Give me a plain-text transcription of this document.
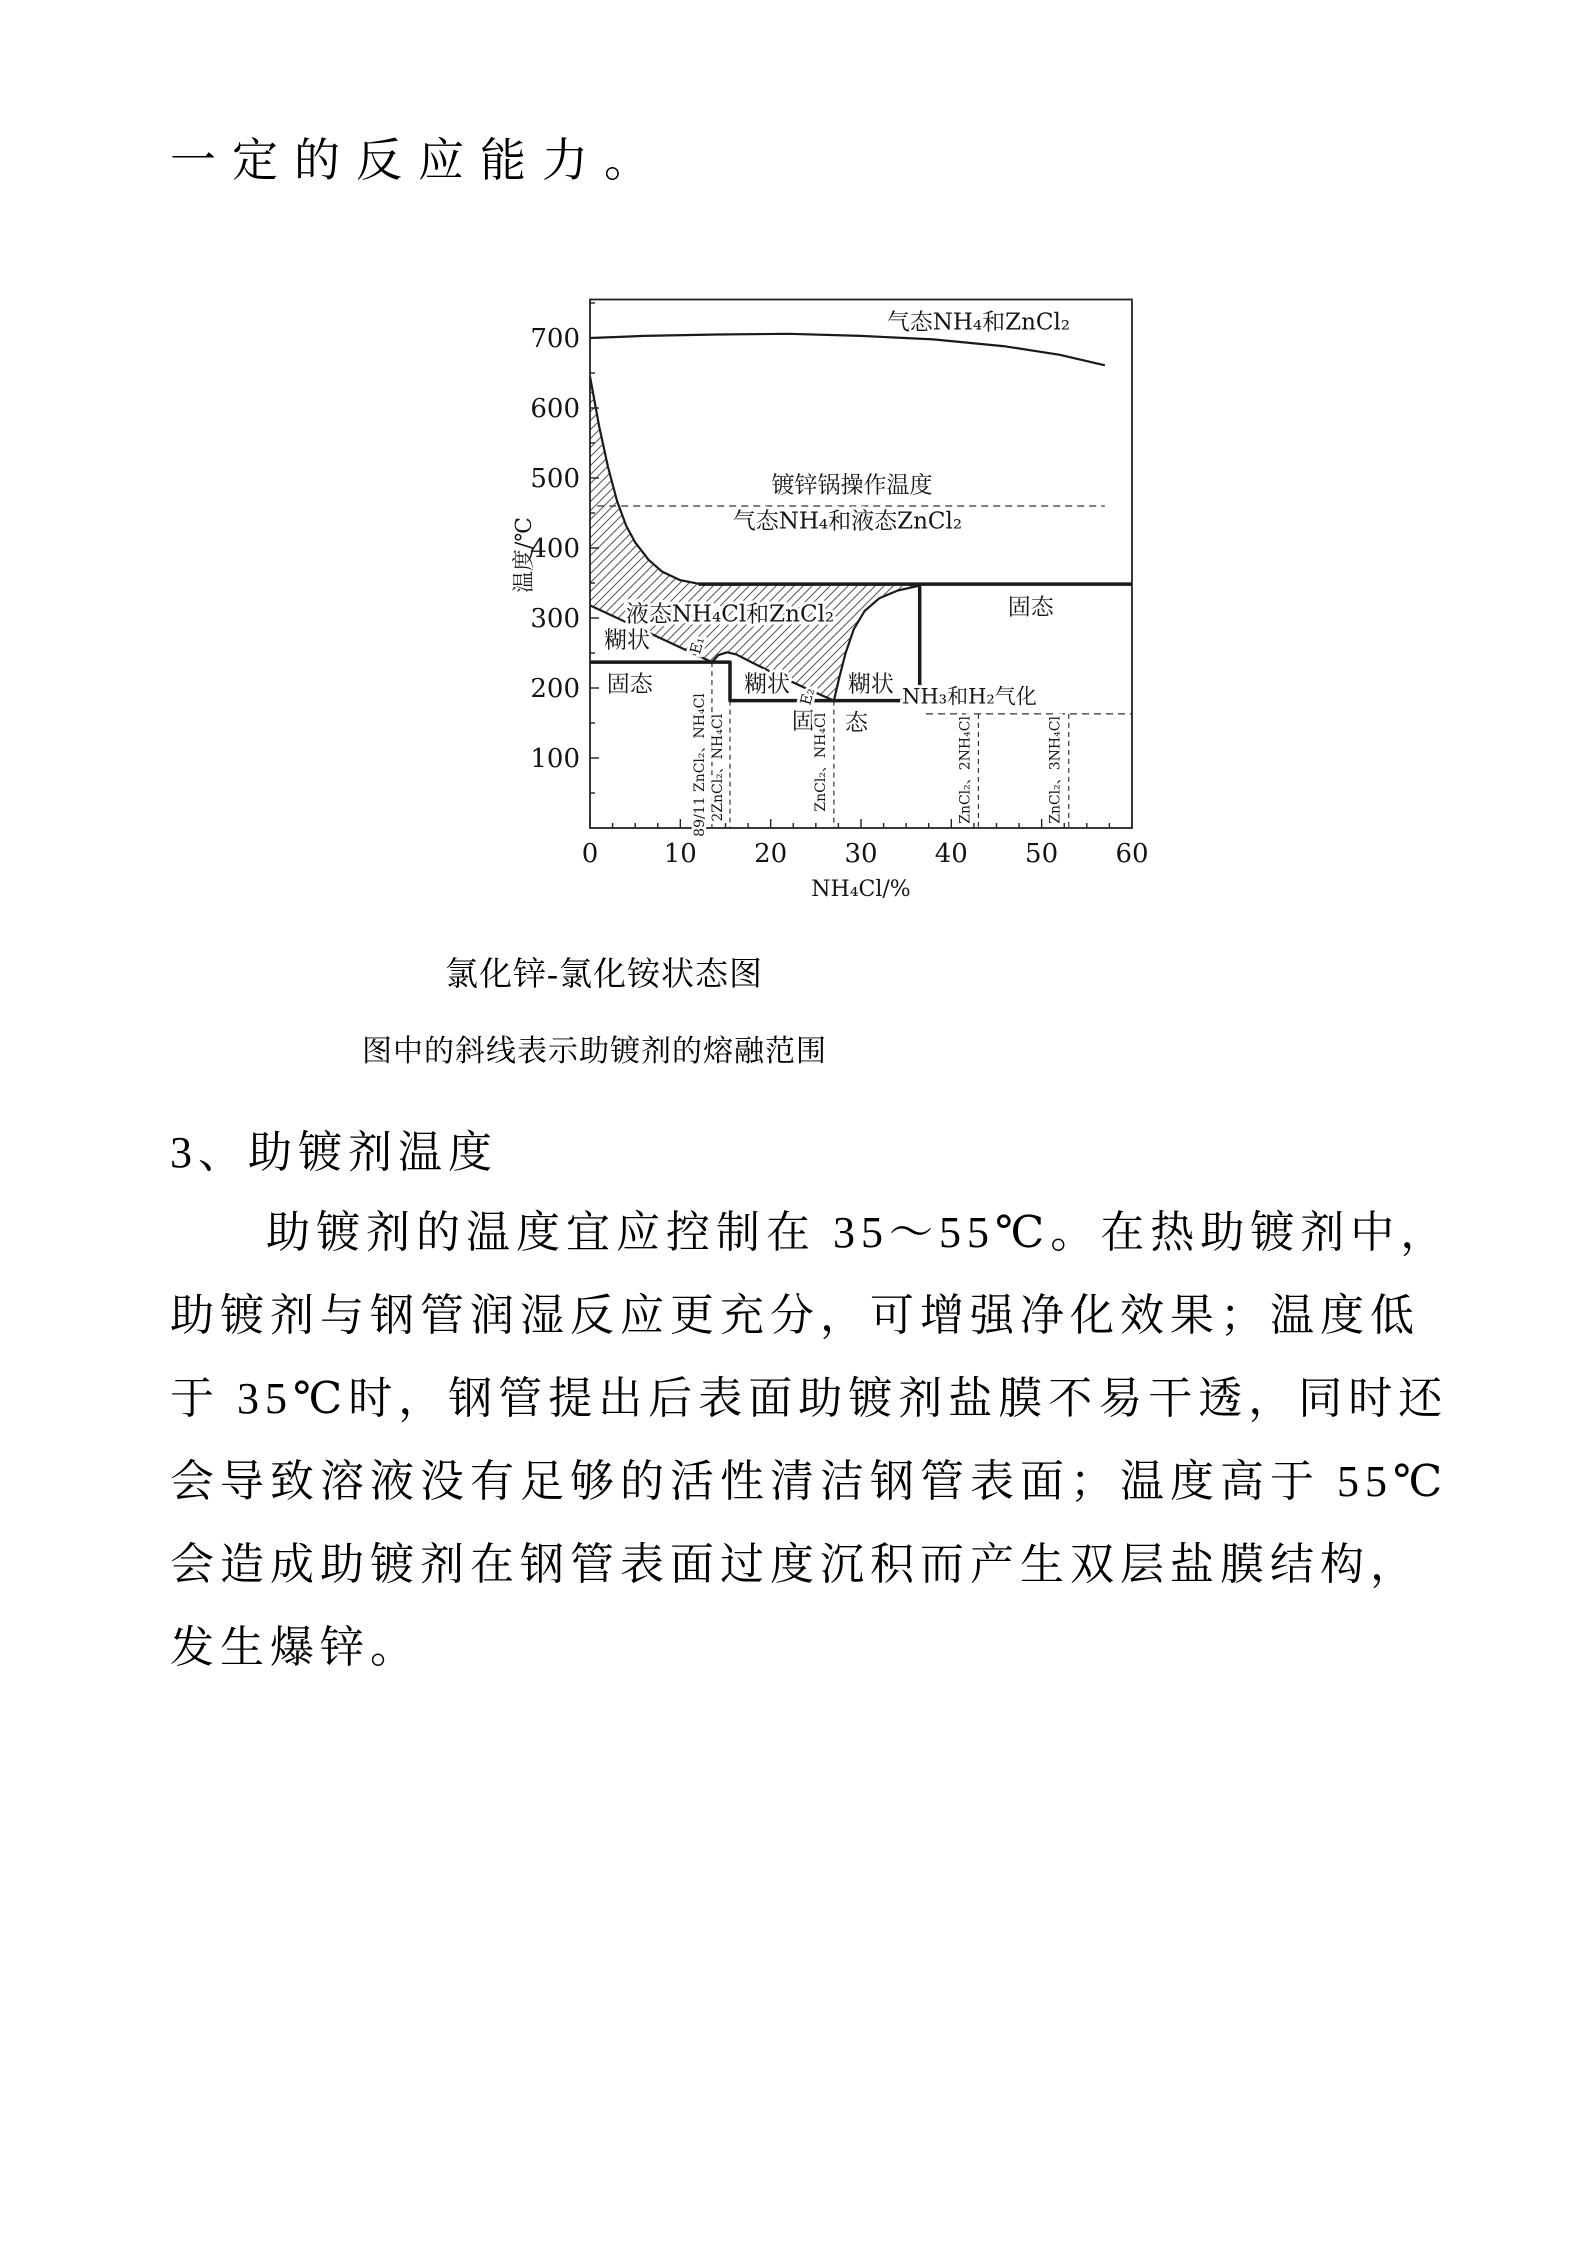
一定的反应能力。
0	10 20 30 40 50 60
100
200
300
400
500
600
700
NH₄Cl/%
温度/℃
气态NH₄和ZnCl₂
镀锌锅操作温度
气态NH₄和液态ZnCl₂
液态NH₄Cl和ZnCl₂
糊状
固态	糊状
固
糊状
态
固态
NH₃和H₂气化
E₁
E₂
89/11 ZnCl₂、NH₄Cl 2ZnCl₂、NH₄Cl	ZnCl₂、NH₄Cl	ZnCl₂、2NH₄Cl	ZnCl₂、3NH₄Cl
氯化锌-氯化铵状态图
图中的斜线表示助镀剂的熔融范围
3、助镀剂温度
助镀剂的温度宜应控制在 35～55℃。在热助镀剂中，
助镀剂与钢管润湿反应更充分，可增强净化效果；温度低
于 35℃时，钢管提出后表面助镀剂盐膜不易干透，同时还
会导致溶液没有足够的活性清洁钢管表面；温度高于 55℃
会造成助镀剂在钢管表面过度沉积而产生双层盐膜结构，
发生爆锌。
